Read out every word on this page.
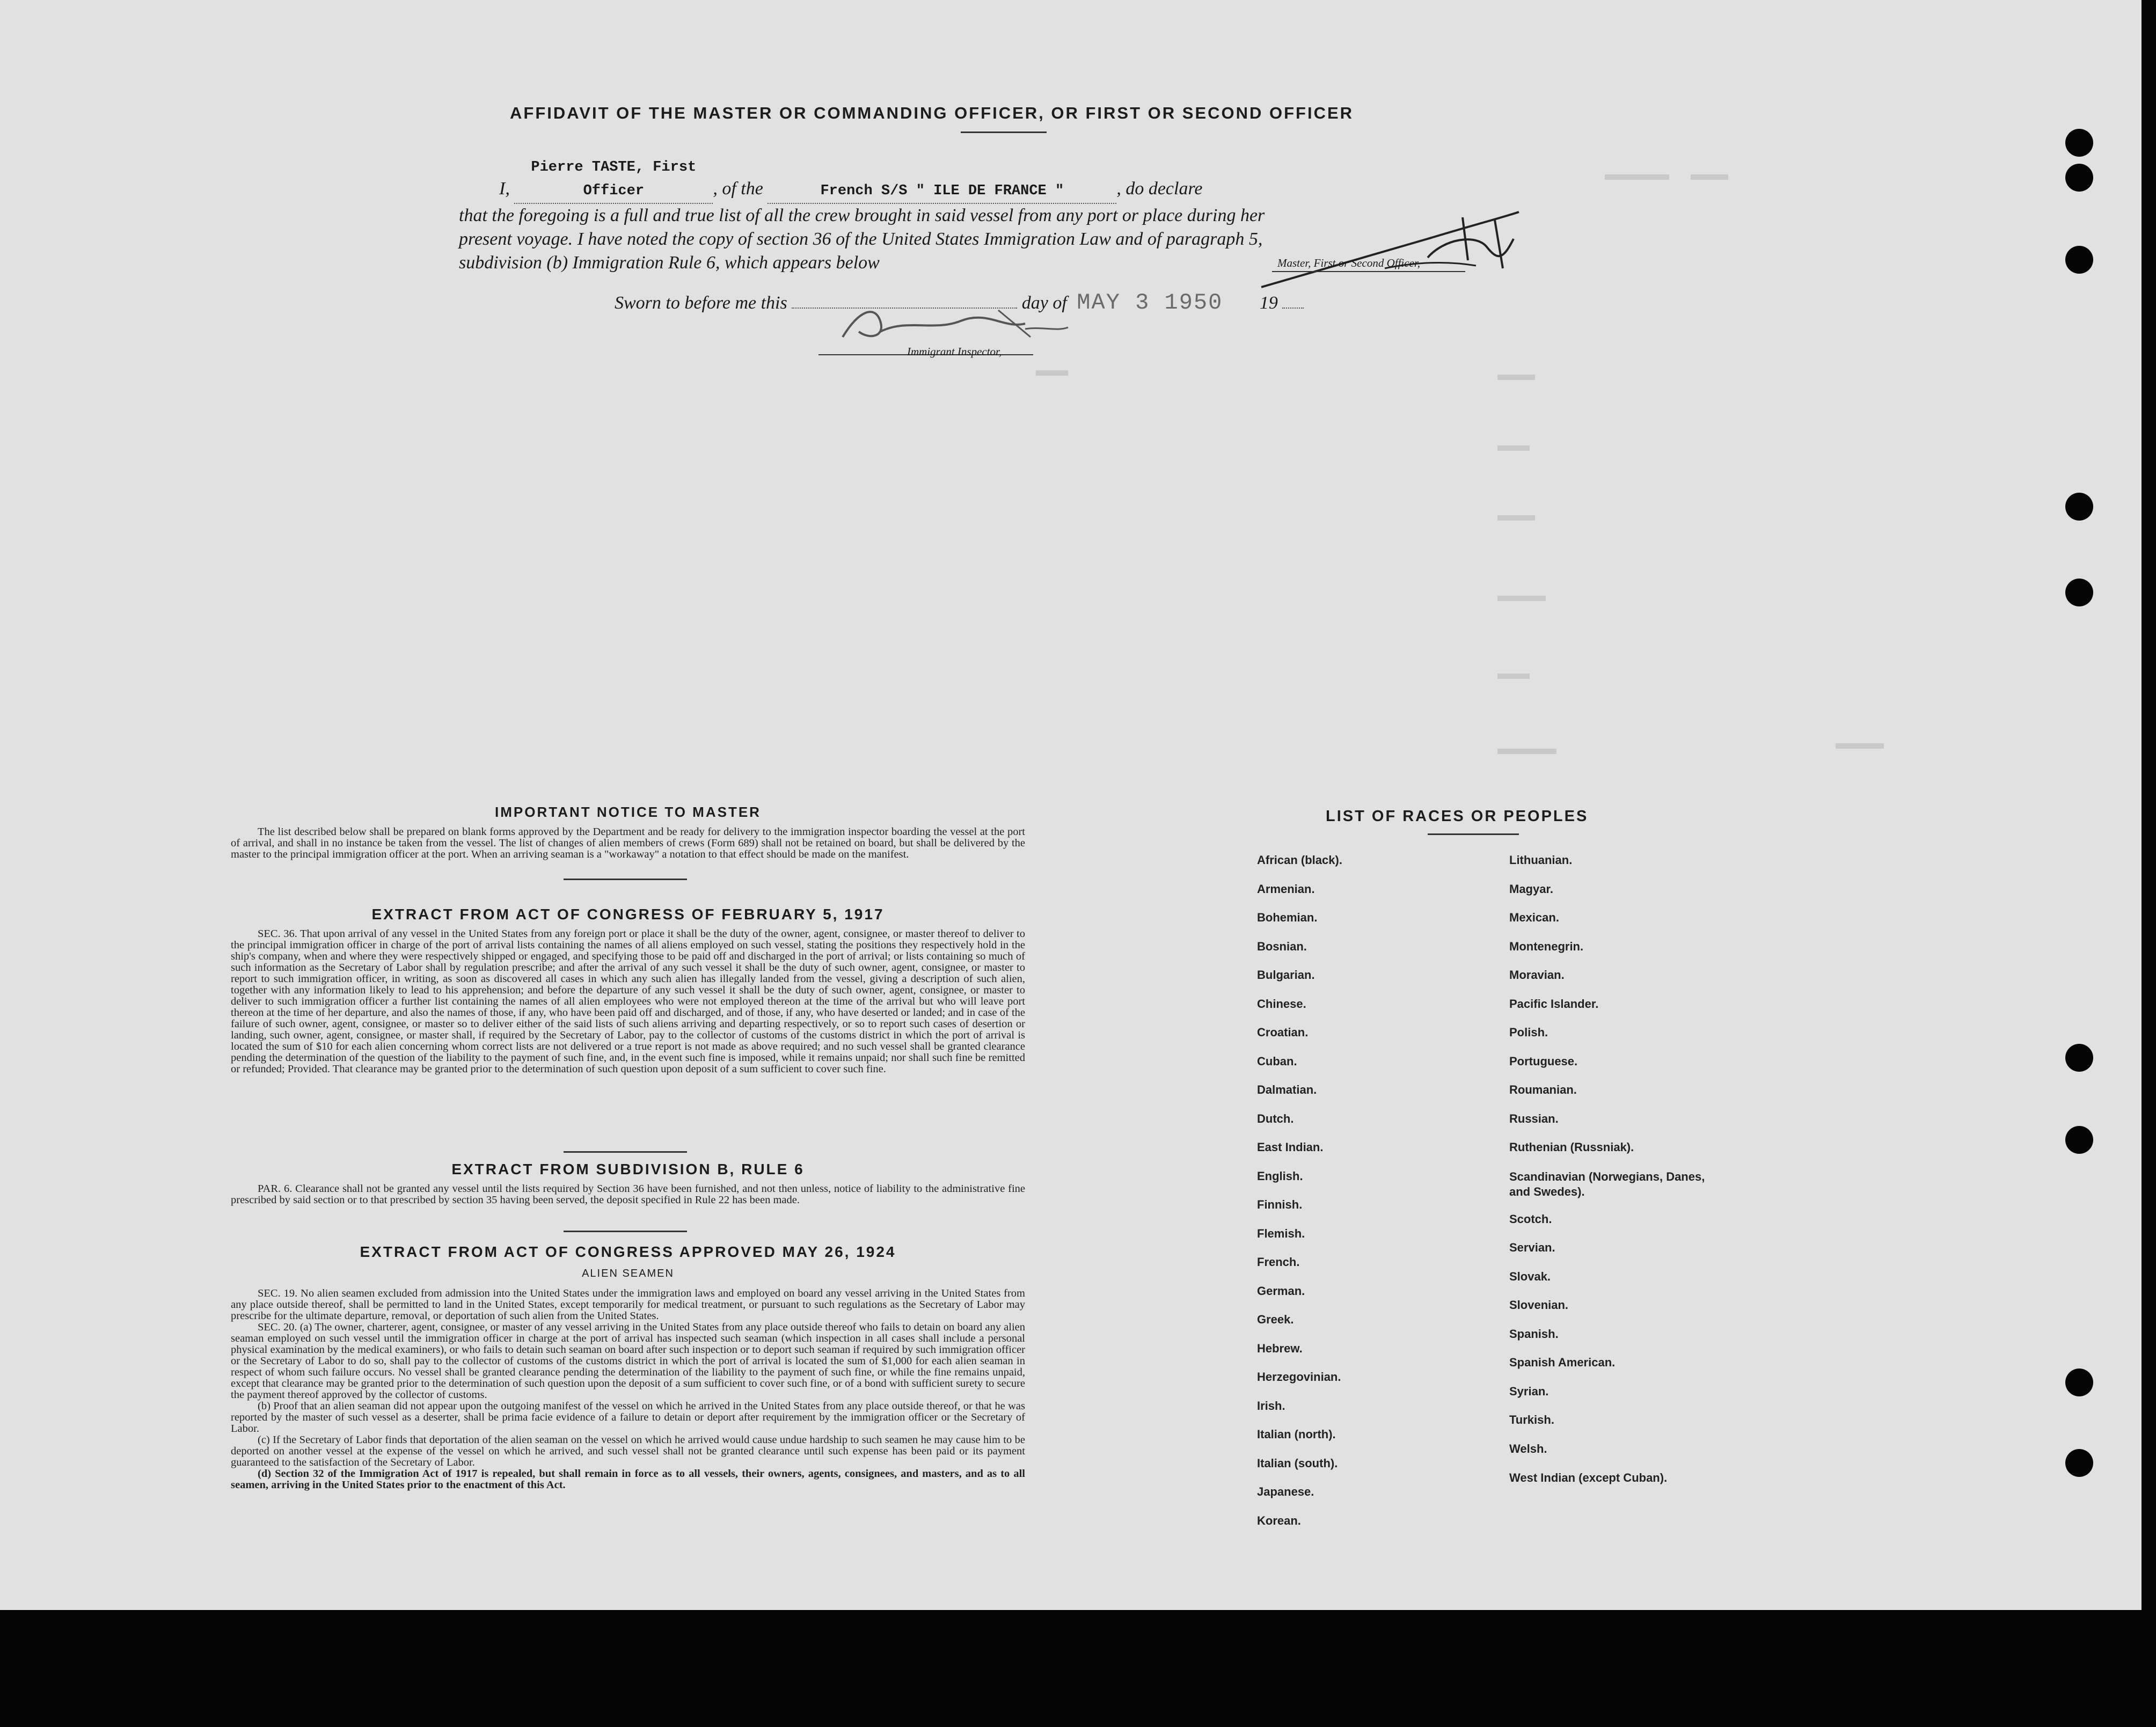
AFFIDAVIT OF THE MASTER OR COMMANDING OFFICER, OR FIRST OR SECOND OFFICER

I, Pierre TASTE, First Officer	, of the	French S/S " ILE DE FRANCE "	, do declare

that the foregoing is a full and true list of all the crew brought in said vessel from any port or place during her

present voyage. I have noted the copy of section 36 of the United States Immigration Law and of paragraph 5,

subdivision (b) Immigration Rule 6, which appears below	Master, First or Second Officer,
Sworn to before me this	day of MAY 3 1950 19
Immigrant Inspector,
IMPORTANT NOTICE TO MASTER

The list described below shall be prepared on blank forms approved by the Department and be ready for delivery to the immigration inspector boarding the vessel at the port of arrival, and shall in no instance be taken from the vessel. The list of changes of alien members of crews (Form 689) shall not be retained on board, but shall be delivered by the master to the principal immigration officer at the port. When an arriving seaman is a "workaway" a notation to that effect should be made on the manifest.

EXTRACT FROM ACT OF CONGRESS OF FEBRUARY 5, 1917

SEC. 36. That upon arrival of any vessel in the United States from any foreign port or place it shall be the duty of the owner, agent, consignee, or master thereof to deliver to the principal immigration officer in charge of the port of arrival lists containing the names of all aliens employed on such vessel, stating the positions they respectively hold in the ship's company, when and where they were respectively shipped or engaged, and specifying those to be paid off and discharged in the port of arrival; or lists containing so much of such information as the Secretary of Labor shall by regulation prescribe; and after the arrival of any such vessel it shall be the duty of such owner, agent, consignee, or master to report to such immigration officer, in writing, as soon as discovered all cases in which any such alien has illegally landed from the vessel, giving a description of such alien, together with any information likely to lead to his apprehension; and before the departure of any such vessel it shall be the duty of such owner, agent, consignee, or master to deliver to such immigration officer a further list containing the names of all alien employees who were not employed thereon at the time of the arrival but who will leave port thereon at the time of her departure, and also the names of those, if any, who have been paid off and discharged, and of those, if any, who have deserted or landed; and in case of the failure of such owner, agent, consignee, or master so to deliver either of the said lists of such aliens arriving and departing respectively, or so to report such cases of desertion or landing, such owner, agent, consignee, or master shall, if required by the Secretary of Labor, pay to the collector of customs of the customs district in which the port of arrival is located the sum of $10 for each alien concerning whom correct lists are not delivered or a true report is not made as above required; and no such vessel shall be granted clearance pending the determination of the question of the liability to the payment of such fine, and, in the event such fine is imposed, while it remains unpaid; nor shall such fine be remitted or refunded; Provided. That clearance may be granted prior to the determination of such question upon deposit of a sum sufficient to cover such fine.

EXTRACT FROM SUBDIVISION B, RULE 6

PAR. 6. Clearance shall not be granted any vessel until the lists required by Section 36 have been furnished, and not then unless, notice of liability to the administrative fine prescribed by said section or to that prescribed by section 35 having been served, the deposit specified in Rule 22 has been made.

EXTRACT FROM ACT OF CONGRESS APPROVED MAY 26, 1924
ALIEN SEAMEN

SEC. 19. No alien seamen excluded from admission into the United States under the immigration laws and employed on board any vessel arriving in the United States from any place outside thereof, shall be permitted to land in the United States, except temporarily for medical treatment, or pursuant to such regulations as the Secretary of Labor may prescribe for the ultimate departure, removal, or deportation of such alien from the United States.

SEC. 20. (a) The owner, charterer, agent, consignee, or master of any vessel arriving in the United States from any place outside thereof who fails to detain on board any alien seaman employed on such vessel until the immigration officer in charge at the port of arrival has inspected such seaman (which inspection in all cases shall include a personal physical examination by the medical examiners), or who fails to detain such seaman on board after such inspection or to deport such seaman if required by such immigration officer or the Secretary of Labor to do so, shall pay to the collector of customs of the customs district in which the port of arrival is located the sum of $1,000 for each alien seaman in respect of whom such failure occurs. No vessel shall be granted clearance pending the determination of the liability to the payment of such fine, or while the fine remains unpaid, except that clearance may be granted prior to the determination of such question upon the deposit of a sum sufficient to cover such fine, or of a bond with sufficient surety to secure the payment thereof approved by the collector of customs.

(b) Proof that an alien seaman did not appear upon the outgoing manifest of the vessel on which he arrived in the United States from any place outside thereof, or that he was reported by the master of such vessel as a deserter, shall be prima facie evidence of a failure to detain or deport after requirement by the immigration officer or the Secretary of Labor.

(c) If the Secretary of Labor finds that deportation of the alien seaman on the vessel on which he arrived would cause undue hardship to such seamen he may cause him to be deported on another vessel at the expense of the vessel on which he arrived, and such vessel shall not be granted clearance until such expense has been paid or its payment guaranteed to the satisfaction of the Secretary of Labor.

(d) Section 32 of the Immigration Act of 1917 is repealed, but shall remain in force as to all vessels, their owners, agents, consignees, and masters, and as to all seamen, arriving in the United States prior to the enactment of this Act.

LIST OF RACES OR PEOPLES
African (black).
Armenian.
Bohemian.
Bosnian.
Bulgarian.
Chinese.
Croatian.
Cuban.
Dalmatian.
Dutch.
East Indian.
English.
Finnish.
Flemish.
French.
German.
Greek.
Hebrew.
Herzegovinian.
Irish.
Italian (north).
Italian (south).
Japanese.
Korean.
Lithuanian.
Magyar.
Mexican.
Montenegrin.
Moravian.
Pacific Islander.
Polish.
Portuguese.
Roumanian.
Russian.
Ruthenian (Russniak).
Scandinavian (Norwegians, Danes, and Swedes).
Scotch.
Servian.
Slovak.
Slovenian.
Spanish.
Spanish American.
Syrian.
Turkish.
Welsh.
West Indian (except Cuban).
